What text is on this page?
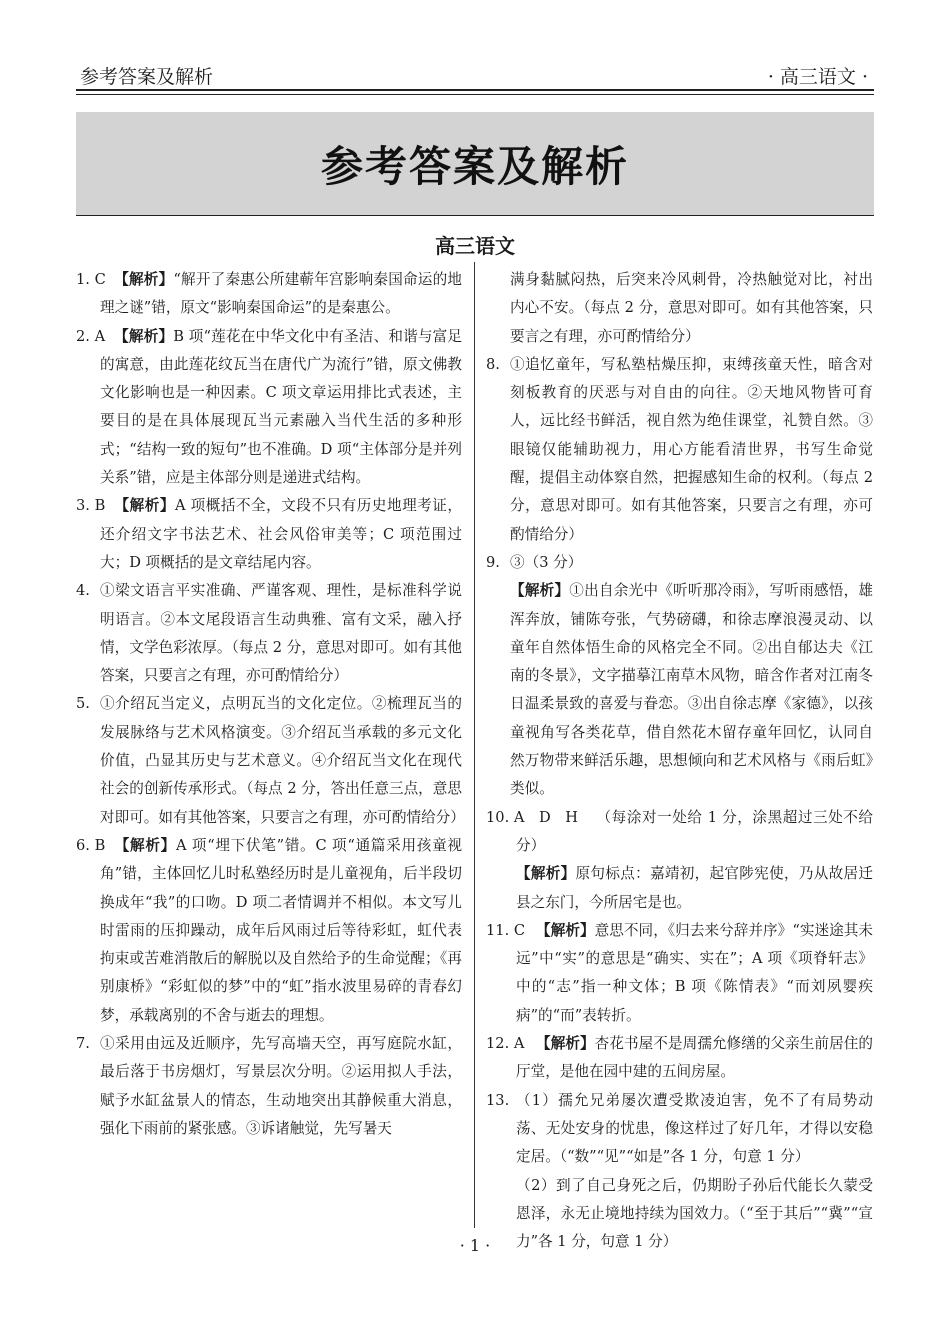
参考答案及解析	· 高三语文 ·
参考答案及解析
高三语文

1. C 【解析】“解开了秦惠公所建蕲年宫影响秦国命运的地理之谜”错，原文“影响秦国命运”的是秦惠公。

2. A 【解析】B 项“莲花在中华文化中有圣洁、和谐与富足的寓意，由此莲花纹瓦当在唐代广为流行”错，原文佛教文化影响也是一种因素。C 项文章运用排比式表述，主要目的是在具体展现瓦当元素融入当代生活的多种形式；“结构一致的短句”也不准确。D 项“主体部分是并列关系”错，应是主体部分则是递进式结构。

3. B 【解析】A 项概括不全，文段不只有历史地理考证，还介绍文字书法艺术、社会风俗审美等；C 项范围过大；D 项概括的是文章结尾内容。

4. ①梁文语言平实准确、严谨客观、理性，是标准科学说明语言。②本文尾段语言生动典雅、富有文采，融入抒情，文学色彩浓厚。（每点 2 分，意思对即可。如有其他答案，只要言之有理，亦可酌情给分）

5. ①介绍瓦当定义，点明瓦当的文化定位。②梳理瓦当的发展脉络与艺术风格演变。③介绍瓦当承载的多元文化价值，凸显其历史与艺术意义。④介绍瓦当文化在现代社会的创新传承形式。（每点 2 分，答出任意三点，意思对即可。如有其他答案，只要言之有理，亦可酌情给分）

6. B 【解析】A 项“埋下伏笔”错。C 项“通篇采用孩童视角”错，主体回忆儿时私塾经历时是儿童视角，后半段切换成年“我”的口吻。D 项二者情调并不相似。本文写儿时雷雨的压抑躁动，成年后风雨过后等待彩虹，虹代表拘束或苦难消散后的解脱以及自然给予的生命觉醒；《再别康桥》“彩虹似的梦”中的“虹”指水波里易碎的青春幻梦，承载离别的不舍与逝去的理想。

7. ①采用由远及近顺序，先写高墙天空，再写庭院水缸，最后落于书房烟灯，写景层次分明。②运用拟人手法，赋予水缸盆景人的情态，生动地突出其静候重大消息，强化下雨前的紧张感。③诉诸触觉，先写暑天

满身黏腻闷热，后突来冷风刺骨，冷热触觉对比，衬出内心不安。（每点 2 分，意思对即可。如有其他答案，只要言之有理，亦可酌情给分）

8. ①追忆童年，写私塾枯燥压抑，束缚孩童天性，暗含对刻板教育的厌恶与对自由的向往。②天地风物皆可育人，远比经书鲜活，视自然为绝佳课堂，礼赞自然。③眼镜仅能辅助视力，用心方能看清世界，书写生命觉醒，提倡主动体察自然，把握感知生命的权利。（每点 2 分，意思对即可。如有其他答案，只要言之有理，亦可酌情给分）

9. ③（3 分）

【解析】①出自余光中《听听那冷雨》，写听雨感悟，雄浑奔放，铺陈夸张，气势磅礴，和徐志摩浪漫灵动、以童年自然体悟生命的风格完全不同。②出自郁达夫《江南的冬景》，文字描摹江南草木风物，暗含作者对江南冬日温柔景致的喜爱与眷恋。③出自徐志摩《家德》，以孩童视角写各类花草，借自然花木留存童年回忆，认同自然万物带来鲜活乐趣，思想倾向和艺术风格与《雨后虹》类似。

10. A　D　H （每涂对一处给 1 分，涂黑超过三处不给分）

【解析】原句标点：嘉靖初，起官陟宪使，乃从故居迁县之东门，今所居宅是也。

11. C 【解析】意思不同，《归去来兮辞并序》“实迷途其未远”中“实”的意思是“确实、实在”；A 项《项脊轩志》中的“志”指一种文体；B 项《陈情表》“而刘夙婴疾病”的“而”表转折。

12. A 【解析】杏花书屋不是周孺允修缮的父亲生前居住的厅堂，是他在园中建的五间房屋。

13. （1）孺允兄弟屡次遭受欺凌迫害，免不了有局势动荡、无处安身的忧患，像这样过了好几年，才得以安稳定居。（“数”“见”“如是”各 1 分，句意 1 分）

（2）到了自己身死之后，仍期盼子孙后代能长久蒙受恩泽，永无止境地持续为国效力。（“至于其后”“冀”“宣力”各 1 分，句意 1 分）

· 1 ·
